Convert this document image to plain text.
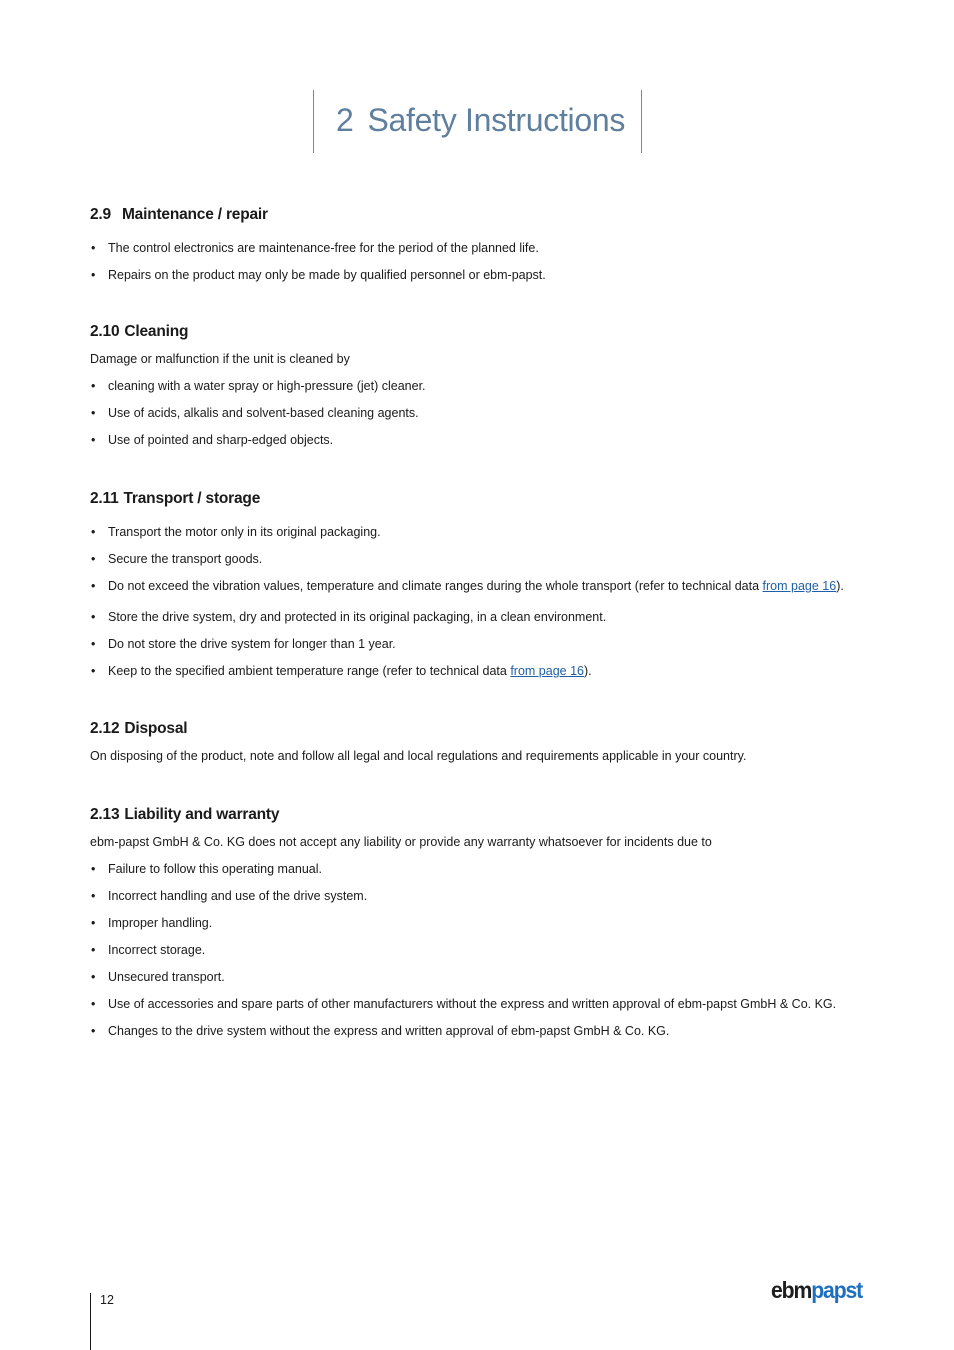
2 Safety Instructions
2.9 Maintenance / repair
• The control electronics are maintenance-free for the period of the planned life.
• Repairs on the product may only be made by qualified personnel or ebm-papst.
2.10 Cleaning

Damage or malfunction if the unit is cleaned by

• cleaning with a water spray or high-pressure (jet) cleaner.
• Use of acids, alkalis and solvent-based cleaning agents.
• Use of pointed and sharp-edged objects.
2.11 Transport / storage
• Transport the motor only in its original packaging.
• Secure the transport goods.
• Do not exceed the vibration values, temperature and climate ranges during the whole transport (refer to technical data from page 16).
• Store the drive system, dry and protected in its original packaging, in a clean environment.
• Do not store the drive system for longer than 1 year.
• Keep to the specified ambient temperature range (refer to technical data from page 16).
2.12 Disposal

On disposing of the product, note and follow all legal and local regulations and requirements applicable in your country.

2.13 Liability and warranty

ebm-papst GmbH & Co. KG does not accept any liability or provide any warranty whatsoever for incidents due to

• Failure to follow this operating manual.
• Incorrect handling and use of the drive system.
• Improper handling.
• Incorrect storage.
• Unsecured transport.
• Use of accessories and spare parts of other manufacturers without the express and written approval of ebm-papst GmbH & Co. KG.
• Changes to the drive system without the express and written approval of ebm-papst GmbH & Co. KG.
12	ebmpapst
